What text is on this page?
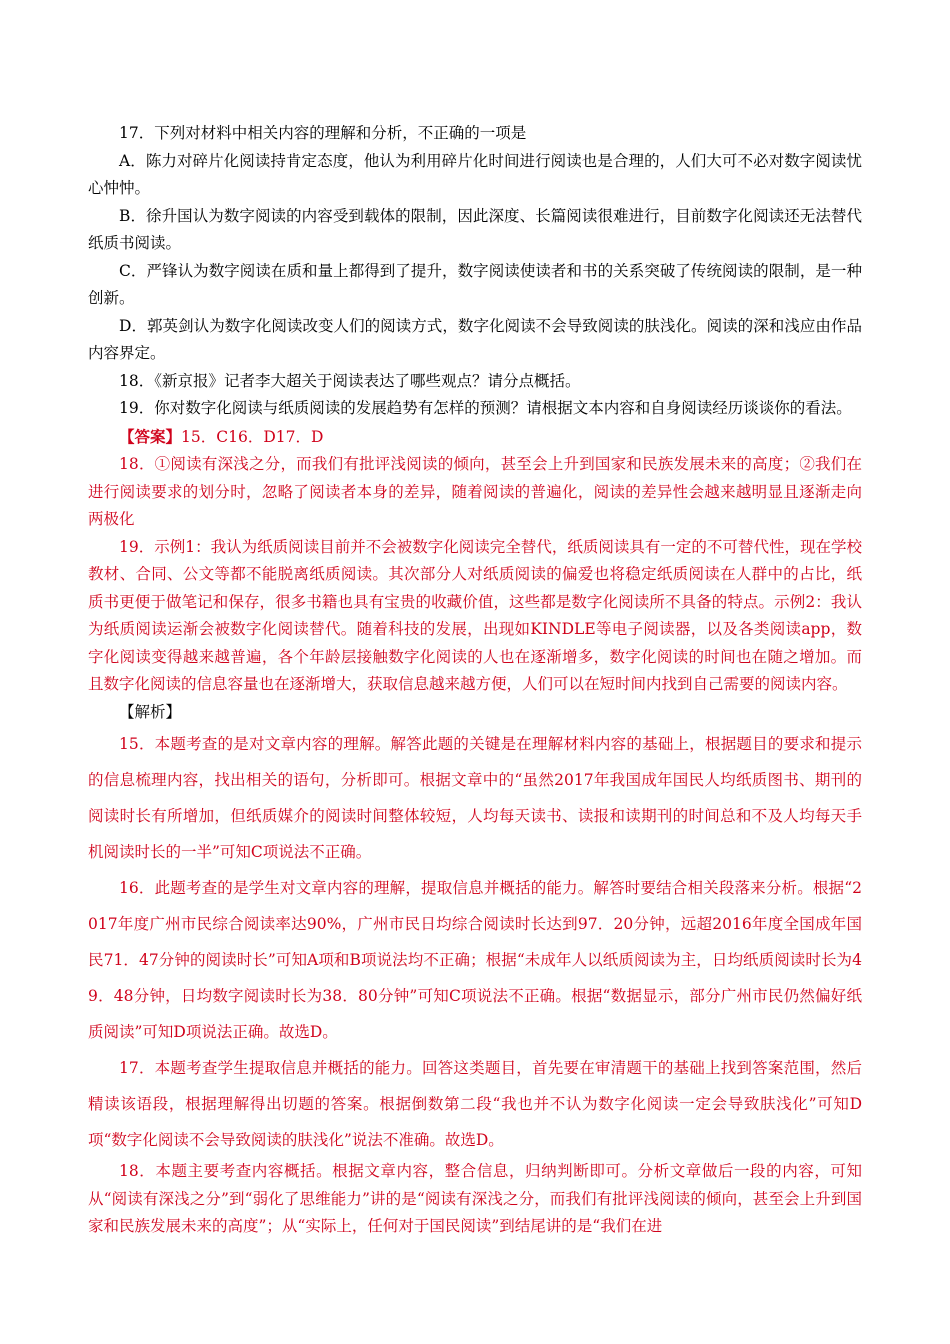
17．下列对材料中相关内容的理解和分析，不正确的一项是

A．陈力对碎片化阅读持肯定态度，他认为利用碎片化时间进行阅读也是合理的，人们大可不必对数字阅读忧心忡忡。

B．徐升国认为数字阅读的内容受到载体的限制，因此深度、长篇阅读很难进行，目前数字化阅读还无法替代纸质书阅读。

C．严锋认为数字阅读在质和量上都得到了提升，数字阅读使读者和书的关系突破了传统阅读的限制，是一种创新。

D．郭英剑认为数字化阅读改变人们的阅读方式，数字化阅读不会导致阅读的肤浅化。阅读的深和浅应由作品内容界定。

18．《新京报》记者李大超关于阅读表达了哪些观点？请分点概括。

19．你对数字化阅读与纸质阅读的发展趋势有怎样的预测？请根据文本内容和自身阅读经历谈谈你的看法。

【答案】15．C16．D17．D

18．①阅读有深浅之分，而我们有批评浅阅读的倾向，甚至会上升到国家和民族发展未来的高度；②我们在进行阅读要求的划分时，忽略了阅读者本身的差异，随着阅读的普遍化，阅读的差异性会越来越明显且逐渐走向两极化

19．示例1：我认为纸质阅读目前并不会被数字化阅读完全替代，纸质阅读具有一定的不可替代性，现在学校教材、合同、公文等都不能脱离纸质阅读。其次部分人对纸质阅读的偏爱也将稳定纸质阅读在人群中的占比，纸质书更便于做笔记和保存，很多书籍也具有宝贵的收藏价值，这些都是数字化阅读所不具备的特点。示例2：我认为纸质阅读运渐会被数字化阅读替代。随着科技的发展，出现如KINDLE等电子阅读器，以及各类阅读app，数字化阅读变得越来越普遍，各个年龄层接触数字化阅读的人也在逐渐增多，数字化阅读的时间也在随之增加。而且数字化阅读的信息容量也在逐渐增大，获取信息越来越方便，人们可以在短时间内找到自己需要的阅读内容。

【解析】

15．本题考查的是对文章内容的理解。解答此题的关键是在理解材料内容的基础上，根据题目的要求和提示的信息梳理内容，找出相关的语句，分析即可。根据文章中的“虽然2017年我国成年国民人均纸质图书、期刊的阅读时长有所增加，但纸质媒介的阅读时间整体较短，人均每天读书、读报和读期刊的时间总和不及人均每天手机阅读时长的一半”可知C项说法不正确。

16．此题考查的是学生对文章内容的理解，提取信息并概括的能力。解答时要结合相关段落来分析。根据“2017年度广州市民综合阅读率达90%，广州市民日均综合阅读时长达到97．20分钟，远超2016年度全国成年国民71．47分钟的阅读时长”可知A项和B项说法均不正确；根据“未成年人以纸质阅读为主，日均纸质阅读时长为49．48分钟，日均数字阅读时长为38．80分钟”可知C项说法不正确。根据“数据显示，部分广州市民仍然偏好纸质阅读”可知D项说法正确。故选D。

17．本题考查学生提取信息并概括的能力。回答这类题目，首先要在审清题干的基础上找到答案范围，然后精读该语段，根据理解得出切题的答案。根据倒数第二段“我也并不认为数字化阅读一定会导致肤浅化”可知D项“数字化阅读不会导致阅读的肤浅化”说法不准确。故选D。

18．本题主要考查内容概括。根据文章内容，整合信息，归纳判断即可。分析文章做后一段的内容，可知从“阅读有深浅之分”到“弱化了思维能力”讲的是“阅读有深浅之分，而我们有批评浅阅读的倾向，甚至会上升到国家和民族发展未来的高度”；从“实际上，任何对于国民阅读”到结尾讲的是“我们在进
